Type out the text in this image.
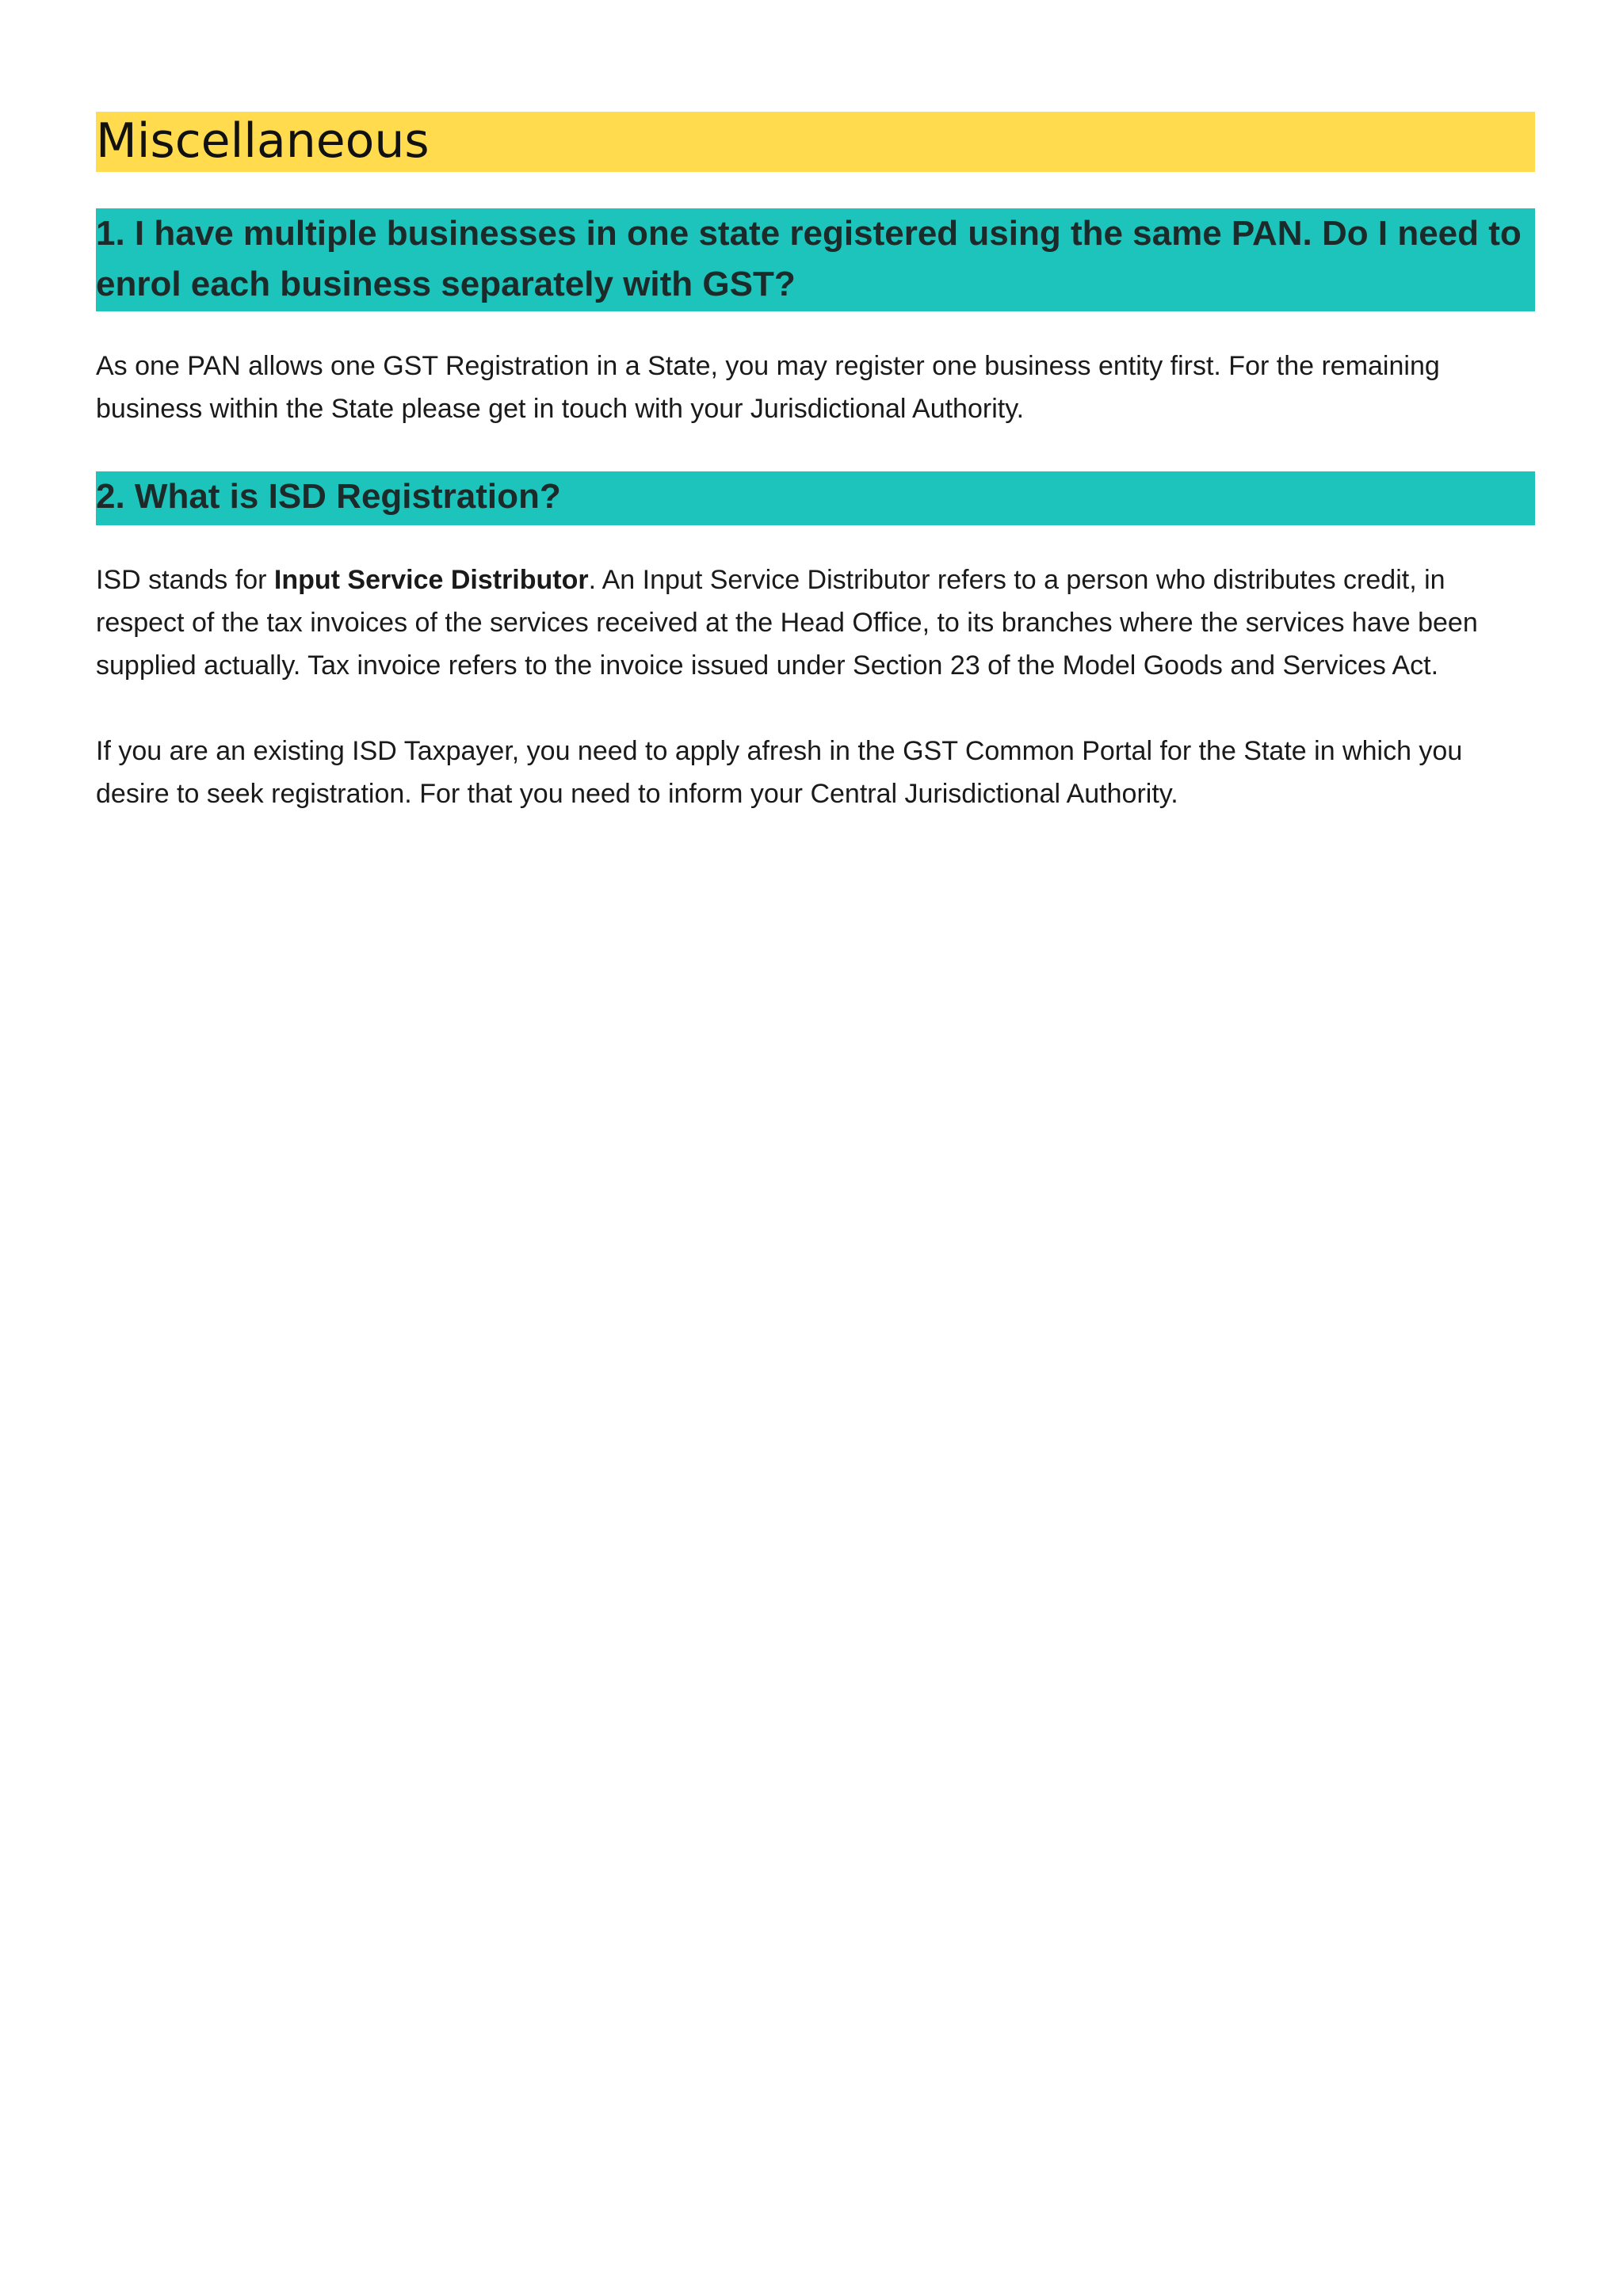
Miscellaneous
1. I have multiple businesses in one state registered using the same PAN. Do I need to enrol each business separately with GST?

As one PAN allows one GST Registration in a State, you may register one business entity first. For the remaining business within the State please get in touch with your Jurisdictional Authority.

2. What is ISD Registration?

ISD stands for Input Service Distributor. An Input Service Distributor refers to a person who distributes credit, in respect of the tax invoices of the services received at the Head Office, to its branches where the services have been supplied actually. Tax invoice refers to the invoice issued under Section 23 of the Model Goods and Services Act.

If you are an existing ISD Taxpayer, you need to apply afresh in the GST Common Portal for the State in which you desire to seek registration. For that you need to inform your Central Jurisdictional Authority.
